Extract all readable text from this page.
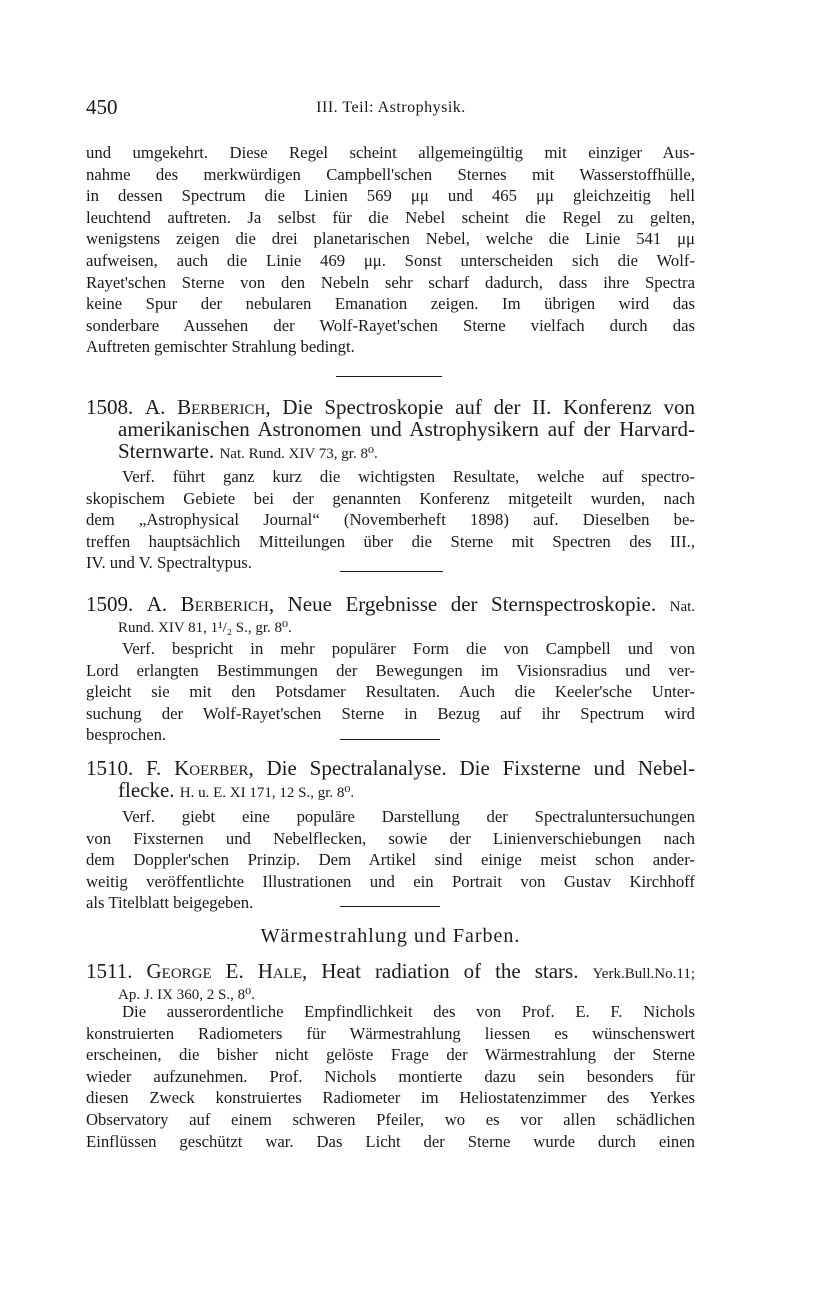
450	III. Teil: Astrophysik.
und umgekehrt. Diese Regel scheint allgemeingültig mit einziger Aus-
nahme des merkwürdigen Campbell'schen Sternes mit Wasserstoffhülle,
in dessen Spectrum die Linien 569 μμ und 465 μμ gleichzeitig hell
leuchtend auftreten. Ja selbst für die Nebel scheint die Regel zu gelten,
wenigstens zeigen die drei planetarischen Nebel, welche die Linie 541 μμ
aufweisen, auch die Linie 469 μμ. Sonst unterscheiden sich die Wolf-
Rayet'schen Sterne von den Nebeln sehr scharf dadurch, dass ihre Spectra
keine Spur der nebularen Emanation zeigen. Im übrigen wird das
sonderbare Aussehen der Wolf-Rayet'schen Sterne vielfach durch das
Auftreten gemischter Strahlung bedingt.
1508. A. Berberich, Die Spectroskopie auf der II. Konferenz von
amerikanischen Astronomen und Astrophysikern auf der Harvard-
Sternwarte. Nat. Rund. XIV 73, gr. 8⁰.
Verf. führt ganz kurz die wichtigsten Resultate, welche auf spectro-
skopischem Gebiete bei der genannten Konferenz mitgeteilt wurden, nach
dem „Astrophysical Journal“ (Novemberheft 1898) auf. Dieselben be-
treffen hauptsächlich Mitteilungen über die Sterne mit Spectren des III.,
IV. und V. Spectraltypus.
1509. A. Berberich, Neue Ergebnisse der Sternspectroskopie. Nat.
Rund. XIV 81, 1¹/₂ S., gr. 8⁰.
Verf. bespricht in mehr populärer Form die von Campbell und von
Lord erlangten Bestimmungen der Bewegungen im Visionsradius und ver-
gleicht sie mit den Potsdamer Resultaten. Auch die Keeler'sche Unter-
suchung der Wolf-Rayet'schen Sterne in Bezug auf ihr Spectrum wird
besprochen.
1510. F. Koerber, Die Spectralanalyse. Die Fixsterne und Nebel-
flecke. H. u. E. XI 171, 12 S., gr. 8⁰.
Verf. giebt eine populäre Darstellung der Spectraluntersuchungen
von Fixsternen und Nebelflecken, sowie der Linienverschiebungen nach
dem Doppler'schen Prinzip. Dem Artikel sind einige meist schon ander-
weitig veröffentlichte Illustrationen und ein Portrait von Gustav Kirchhoff
als Titelblatt beigegeben.
Wärmestrahlung und Farben.
1511. George E. Hale, Heat radiation of the stars. Yerk.Bull.No.11;
Ap. J. IX 360, 2 S., 8⁰.
Die ausserordentliche Empfindlichkeit des von Prof. E. F. Nichols
konstruierten Radiometers für Wärmestrahlung liessen es wünschenswert
erscheinen, die bisher nicht gelöste Frage der Wärmestrahlung der Sterne
wieder aufzunehmen. Prof. Nichols montierte dazu sein besonders für
diesen Zweck konstruiertes Radiometer im Heliostatenzimmer des Yerkes
Observatory auf einem schweren Pfeiler, wo es vor allen schädlichen
Einflüssen geschützt war. Das Licht der Sterne wurde durch einen
